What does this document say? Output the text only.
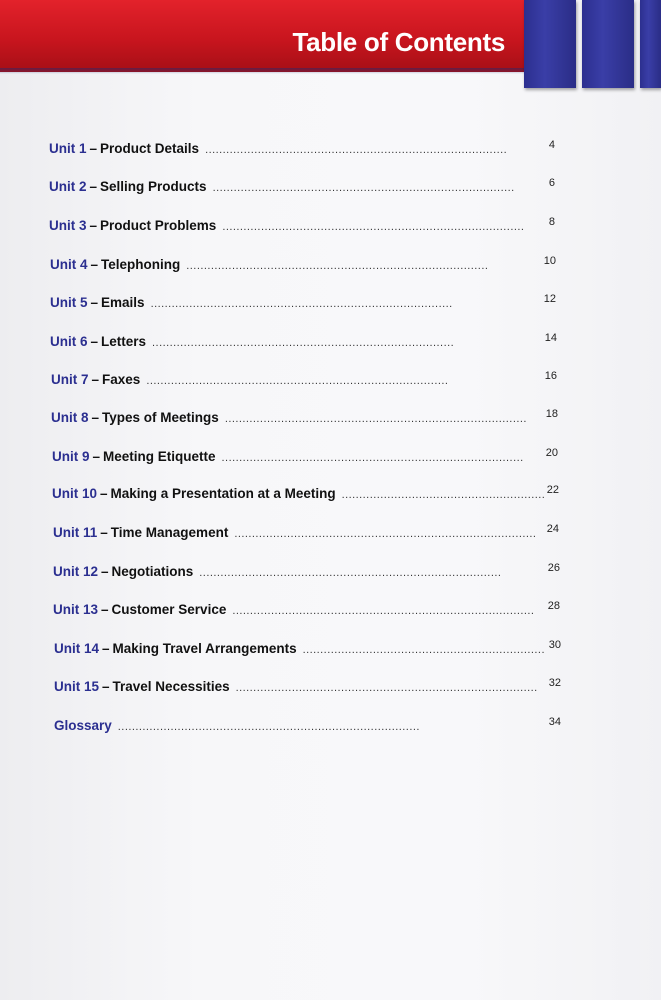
Table of Contents
Unit 1 – Product Details . . .	4
Unit 2 – Selling Products . . .	6
Unit 3 – Product Problems . . .	8
Unit 4 – Telephoning . . .	10
Unit 5 – Emails . . .	12
Unit 6 – Letters . . .	14
Unit 7 – Faxes . . .	16
Unit 8 – Types of Meetings . . .	18
Unit 9 – Meeting Etiquette . . .	20
Unit 10 – Making a Presentation at a Meeting . . .	22
Unit 11 – Time Management . . .	24
Unit 12 – Negotiations . . .	26
Unit 13 – Customer Service . . .	28
Unit 14 – Making Travel Arrangements . . .	30
Unit 15 – Travel Necessities . . .	32
Glossary . . .	34
